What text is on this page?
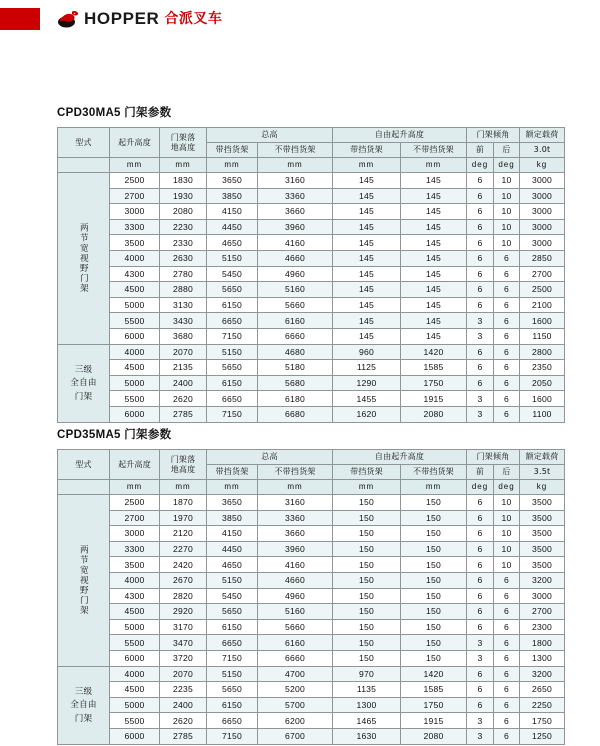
HOPPER 合派叉车
CPD30MA5 门架参数
型式	起升高度	门架落
地高度	总高		自由起升高度		门架倾角		额定载荷
			带挡货架	不带挡货架	带挡货架	不带挡货架	前	后	3.0t
	mm	mm	mm	mm	mm	mm	deg	deg	kg

两节宽视野门架	2500	1830	3650	3160	145	145	6	10	3000
	2700	1930	3850	3360	145	145	6	10	3000
	3000	2080	4150	3660	145	145	6	10	3000
	3300	2230	4450	3960	145	145	6	10	3000
	3500	2330	4650	4160	145	145	6	10	3000
	4000	2630	5150	4660	145	145	6	6	2850
	4300	2780	5450	4960	145	145	6	6	2700
	4500	2880	5650	5160	145	145	6	6	2500
	5000	3130	6150	5660	145	145	6	6	2100
	5500	3430	6650	6160	145	145	3	6	1600
	6000	3680	7150	6660	145	145	3	6	1150
三级
全自由
门架	4000	2070	5150	4680	960	1420	6	6	2800
	4500	2135	5650	5180	1125	1585	6	6	2350
	5000	2400	6150	5680	1290	1750	6	6	2050
	5500	2620	6650	6180	1455	1915	3	6	1600
	6000	2785	7150	6680	1620	2080	3	6	1100
CPD35MA5 门架参数
型式	起升高度	门架落
地高度	总高		自由起升高度		门架倾角		额定载荷
			带挡货架	不带挡货架	带挡货架	不带挡货架	前	后	3.5t
	mm	mm	mm	mm	mm	mm	deg	deg	kg

两节宽视野门架	2500	1870	3650	3160	150	150	6	10	3500
	2700	1970	3850	3360	150	150	6	10	3500
	3000	2120	4150	3660	150	150	6	10	3500
	3300	2270	4450	3960	150	150	6	10	3500
	3500	2420	4650	4160	150	150	6	10	3500
	4000	2670	5150	4660	150	150	6	6	3200
	4300	2820	5450	4960	150	150	6	6	3000
	4500	2920	5650	5160	150	150	6	6	2700
	5000	3170	6150	5660	150	150	6	6	2300
	5500	3470	6650	6160	150	150	3	6	1800
	6000	3720	7150	6660	150	150	3	6	1300
三级
全自由
门架	4000	2070	5150	4700	970	1420	6	6	3200
	4500	2235	5650	5200	1135	1585	6	6	2650
	5000	2400	6150	5700	1300	1750	6	6	2250
	5500	2620	6650	6200	1465	1915	3	6	1750
	6000	2785	7150	6700	1630	2080	3	6	1250
